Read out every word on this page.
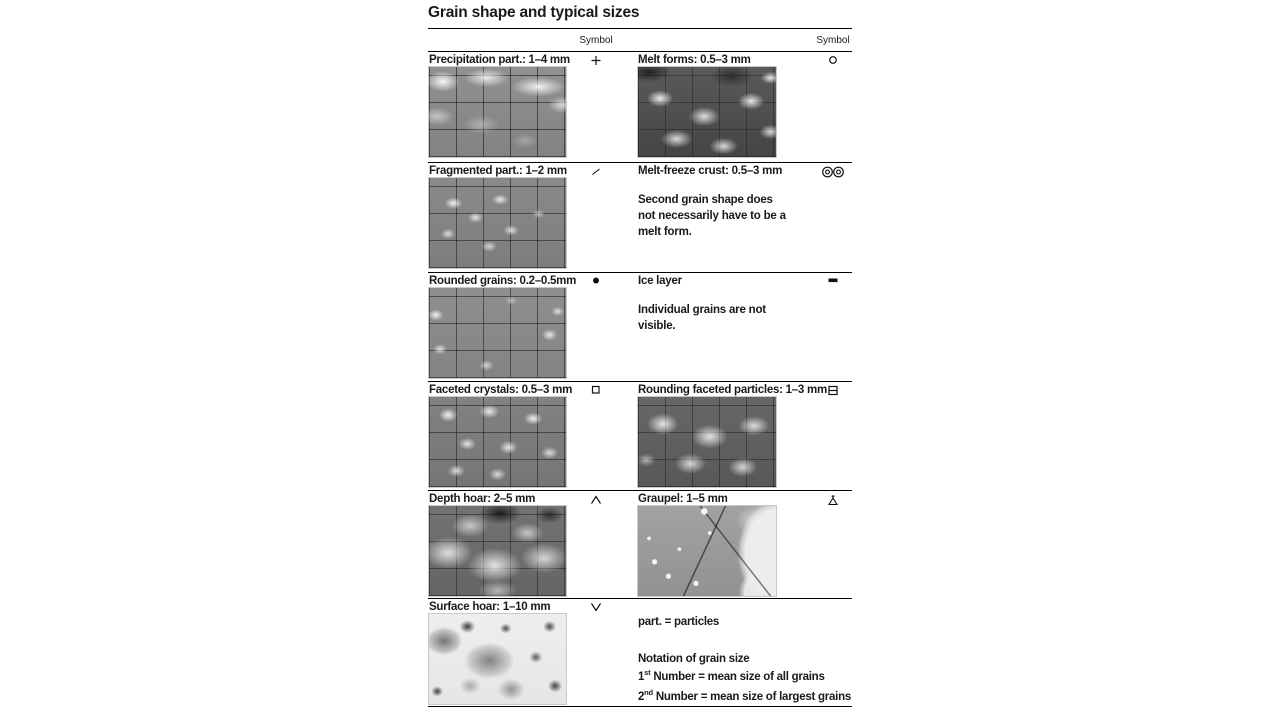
Grain shape and typical sizes
Symbol	Symbol
Precipitation part.: 1–4 mm	Melt forms: 0.5–3 mm
Fragmented part.: 1–2 mm	Melt-freeze crust: 0.5–3 mm
Second grain shape does not necessarily have to be a melt form.
Rounded grains: 0.2–0.5mm	Ice layer
Individual grains are not visible.
Faceted crystals: 0.5–3 mm	Rounding faceted particles: 1–3 mm
Depth hoar: 2–5 mm	Graupel: 1–5 mm
Surface hoar: 1–10 mm
part. = particles
Notation of grain size
1st Number = mean size of all grains
2nd Number = mean size of largest grains
